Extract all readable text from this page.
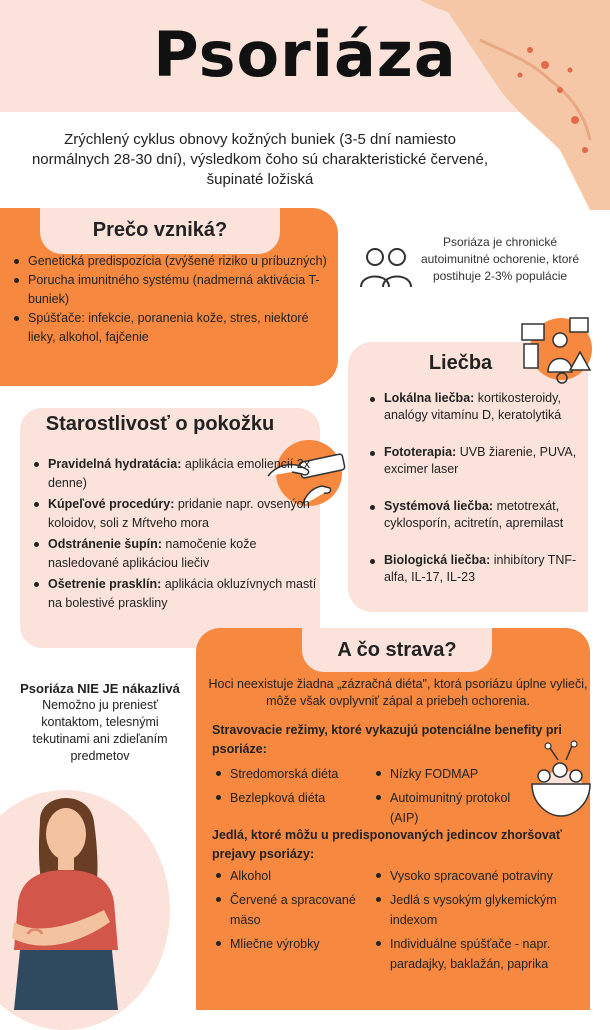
Psoriáza
Zrýchlený cyklus obnovy kožných buniek (3-5 dní namiesto normálnych 28-30 dní), výsledkom čoho sú charakteristické červené, šupinaté ložiská
Prečo vzniká?
Genetická predispozícia (zvýšené riziko u príbuzných)
Porucha imunitného systému (nadmerná aktivácia T-buniek)
Spúšťače: infekcie, poranenia kože, stres, niektoré lieky, alkohol, fajčenie
Psoriáza je chronické autoimunitné ochorenie, ktoré postihuje 2-3% populácie
Liečba
Lokálna liečba: kortikosteroidy, analógy vitamínu D, keratolytiká
Fototerapia: UVB žiarenie, PUVA, excimer laser
Systémová liečba: metotrexát, cyklosporín, acitretín, apremilast
Biologická liečba: inhibítory TNF-alfa, IL-17, IL-23
Starostlivosť o pokožku
Pravidelná hydratácia: aplikácia emoliencií 2x denne)
Kúpeľové procedúry: pridanie napr. ovsených koloidov, soli z Mŕtveho mora
Odstránenie šupín: namočenie kože nasledované aplikáciou liečiv
Ošetrenie prasklín: aplikácia okluzívnych mastí na bolestivé praskliny
Psoriáza NIE JE nákazlivá
Nemožno ju preniesť kontaktom, telesnými tekutinami ani zdieľaním predmetov
A čo strava?
Hoci neexistuje žiadna „zázračná diéta", ktorá psoriázu úplne vylieči, môže však ovplyvniť zápal a priebeh ochorenia.
Stravovacie režimy, ktoré vykazujú potenciálne benefity pri psoriáze:
Stredomorská diéta
Bezlepková diéta
Nízky FODMAP
Autoimunitný protokol (AIP)
Jedlá, ktoré môžu u predisponovaných jedincov zhoršovať prejavy psoriázy:
Alkohol
Červené a spracované mäso
Mliečne výrobky
Vysoko spracované potraviny
Jedlá s vysokým glykemickým indexom
Individuálne spúšťače - napr. paradajky, baklažán, paprika
